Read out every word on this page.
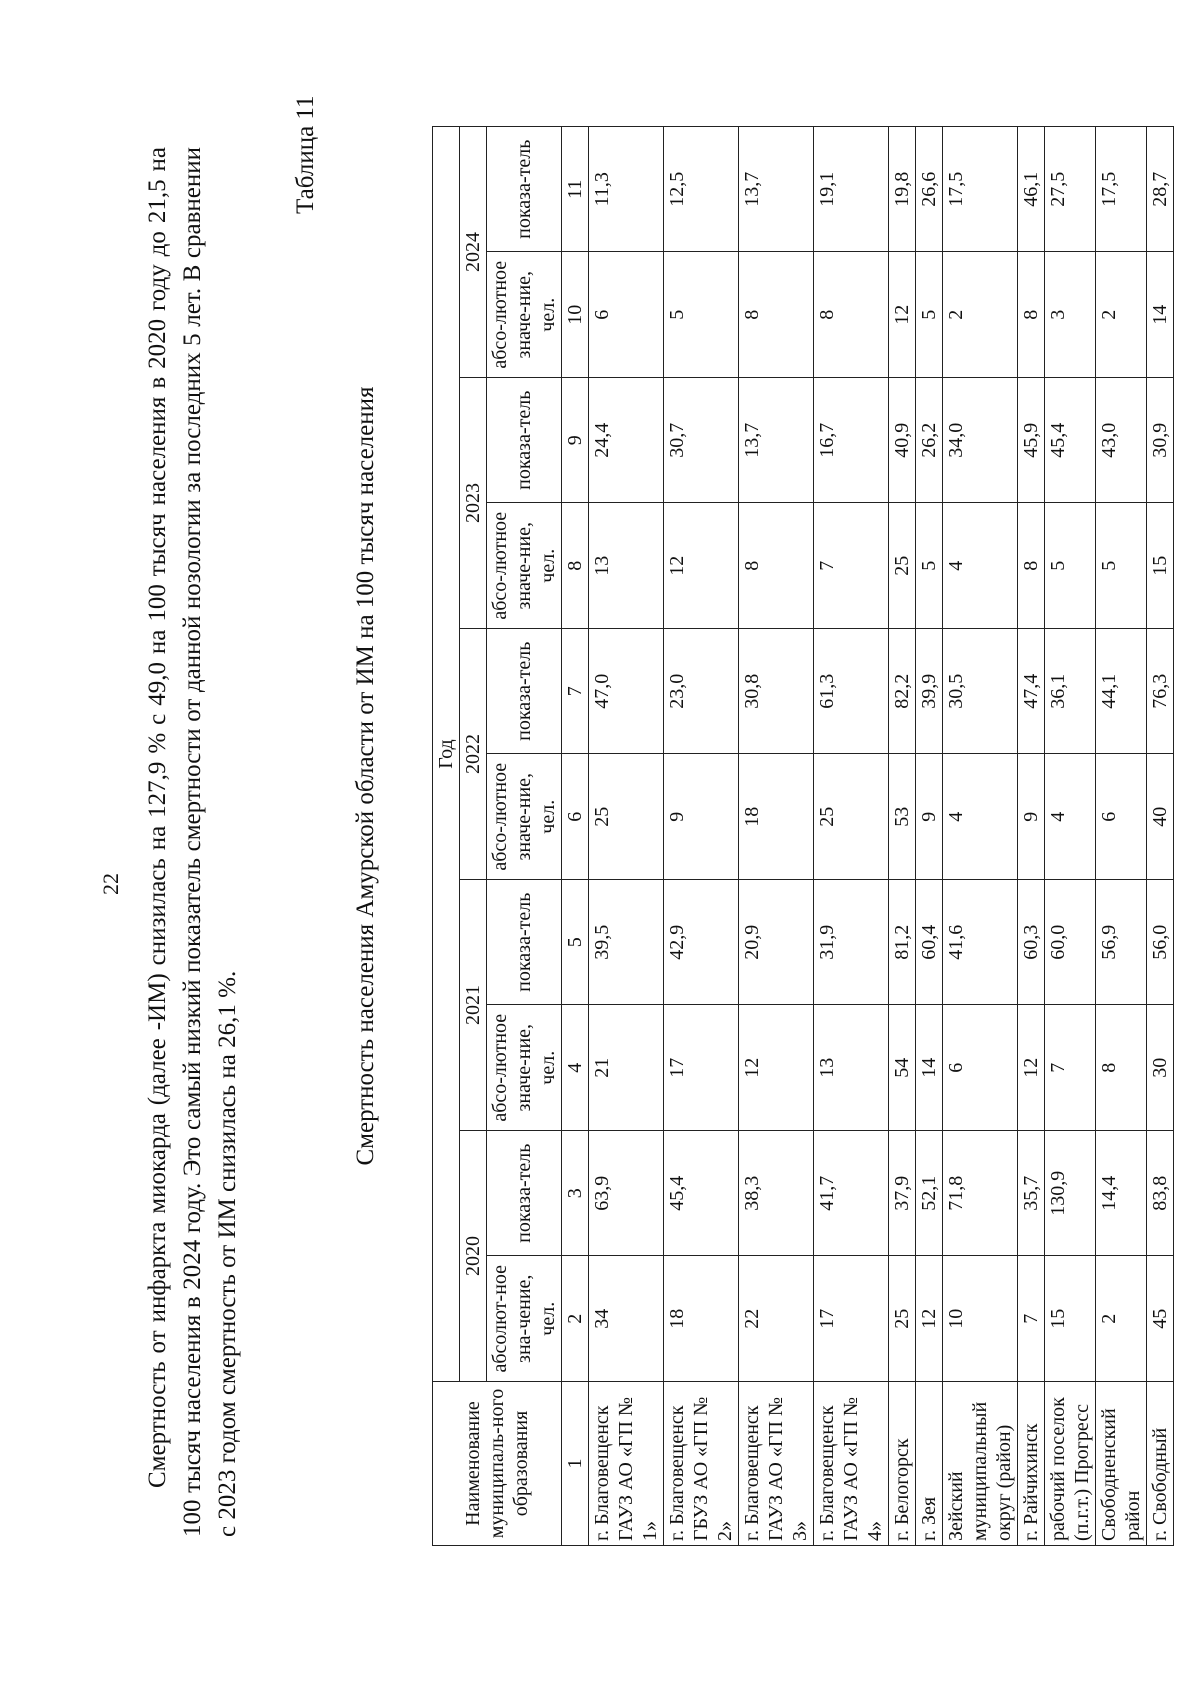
22 Смертность от инфаркта миокарда (далее -ИМ) снизилась на 127,9 % с 49,0 на 100 тысяч населения в 2020 году до 21,5 на 100 тысяч населения в 2024 году. Это самый низкий показатель смертности от данной нозологии за последних 5 лет. В сравнении с 2023 годом смертность от ИМ снизилась на 26,1 %.

Таблица 11
Смертность населения Амурской области от ИМ на 100 тысяч населения
Наименование муниципаль-ного образования	Год									
	2020		2021		2022		2023		2024	
	абсолют-ное зна-чение, чел.	показа-тель	абсо-лютное значе-ние, чел.	показа-тель	абсо-лютное значе-ние, чел.	показа-тель	абсо-лютное значе-ние, чел.	показа-тель	абсо-лютное значе-ние, чел.	показа-тель
1	2	3	4	5	6	7	8	9	10	11
г. Благовещенск ГАУЗ АО «ГП № 1»	34	63,9	21	39,5	25	47,0	13	24,4	6	11,3
г. Благовещенск ГБУЗ АО «ГП № 2»	18	45,4	17	42,9	9	23,0	12	30,7	5	12,5
г. Благовещенск ГАУЗ АО «ГП № 3»	22	38,3	12	20,9	18	30,8	8	13,7	8	13,7
г. Благовещенск ГАУЗ АО «ГП № 4»	17	41,7	13	31,9	25	61,3	7	16,7	8	19,1
г. Белогорск	25	37,9	54	81,2	53	82,2	25	40,9	12	19,8
г. Зея	12	52,1	14	60,4	9	39,9	5	26,2	5	26,6
Зейский муниципальный округ (район)	10	71,8	6	41,6	4	30,5	4	34,0	2	17,5
г. Райчихинск	7	35,7	12	60,3	9	47,4	8	45,9	8	46,1
рабочий поселок (п.г.т.) Прогресс	15	130,9	7	60,0	4	36,1	5	45,4	3	27,5
Свободненский район	2	14,4	8	56,9	6	44,1	5	43,0	2	17,5
г. Свободный	45	83,8	30	56,0	40	76,3	15	30,9	14	28,7
